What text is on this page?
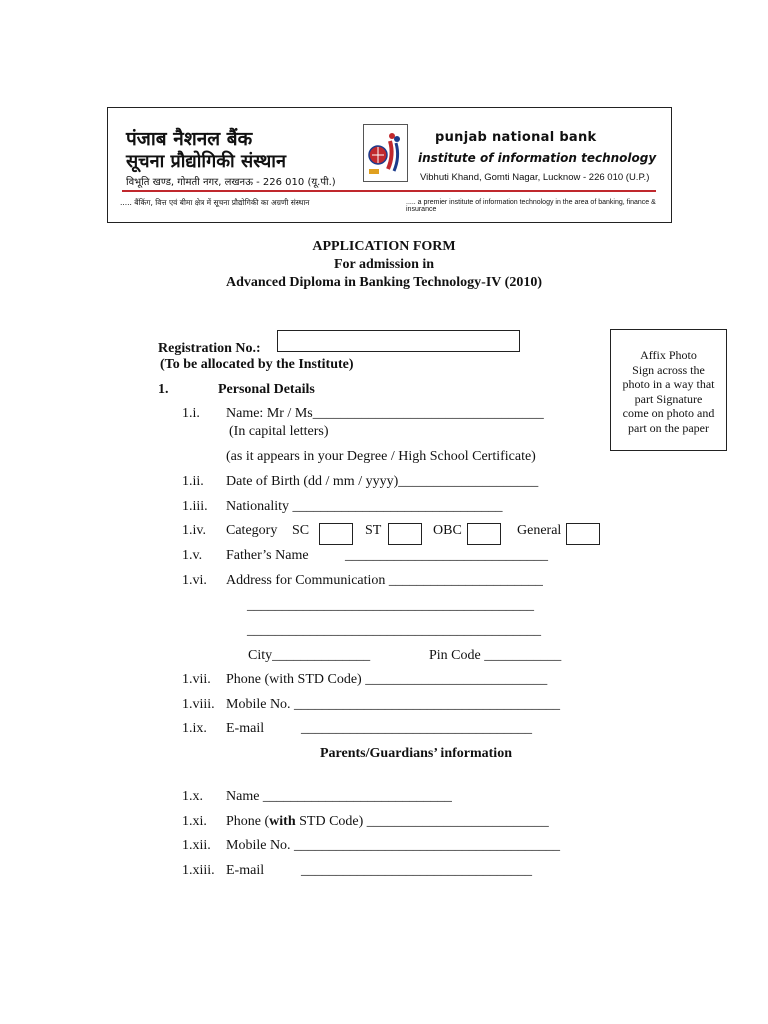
पंजाब नैशनल बैंक
सूचना प्रौद्योगिकी संस्थान
विभूति खण्ड, गोमती नगर, लखनऊ - 226 010 (यू.पी.)
punjab national bank
institute of information technology
Vibhuti Khand, Gomti Nagar, Lucknow - 226 010 (U.P.)
..... बैंकिंग, वित्त एवं बीमा क्षेत्र में सूचना प्रौद्योगिकी का अग्रणी संस्थान	..... a premier institute of information technology in the area of banking, finance & insurance
APPLICATION FORM
For admission in
Advanced Diploma in Banking Technology-IV (2010)
Registration No.:
(To be allocated by the Institute)
Affix Photo
Sign across the
photo in a way that
part Signature
come on photo and
part on the paper
1.	Personal Details
1.i. Name: Mr / Ms_________________________________
(In capital letters)
(as it appears in your Degree / High School Certificate)
1.ii. Date of Birth (dd / mm / yyyy)____________________
1.iii. Nationality ______________________________
1.iv. Category SC	ST	OBC	General
1.v. Father’s Name	_____________________________
1.vi. Address for Communication ______________________
_________________________________________
__________________________________________
City______________	Pin Code ___________
1.vii. Phone (with STD Code) __________________________
1.viii. Mobile No. ______________________________________
1.ix. E-mail	_________________________________
Parents/Guardians’ information
1.x. Name ___________________________
1.xi. Phone (with STD Code) __________________________
1.xii. Mobile No. ______________________________________
1.xiii. E-mail	_________________________________
